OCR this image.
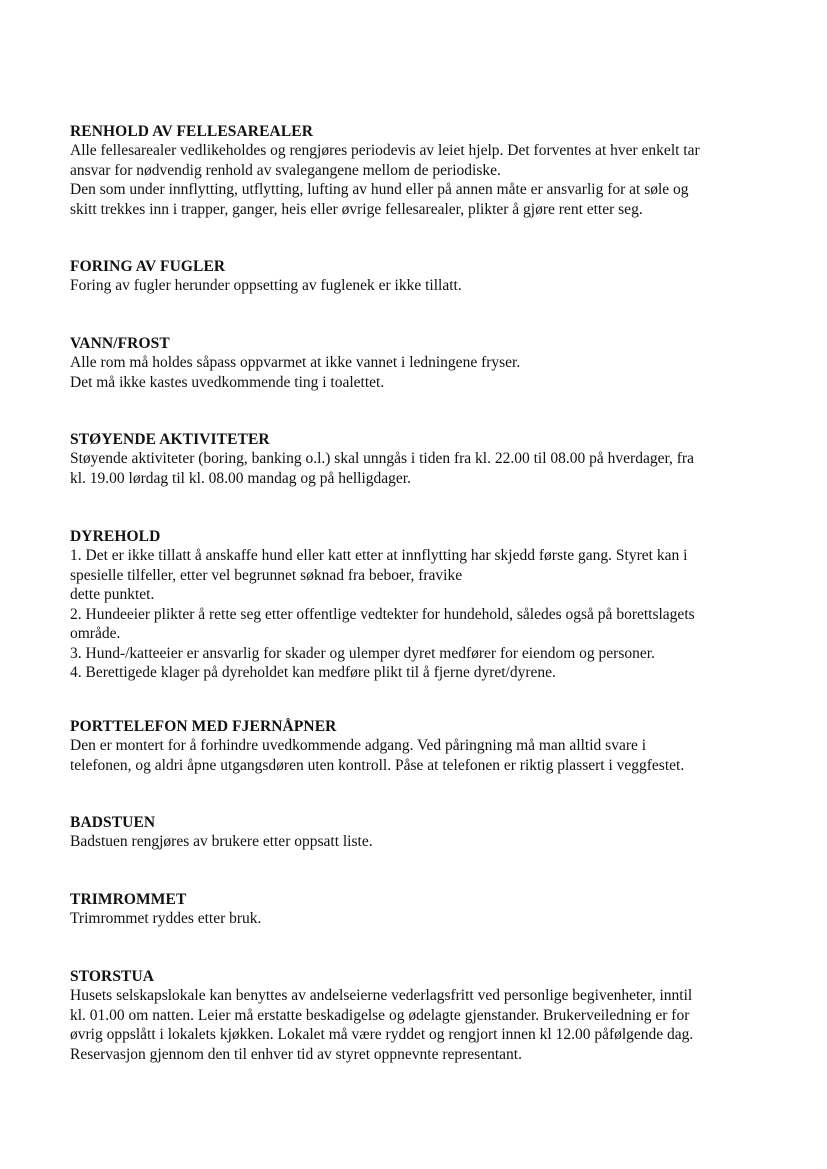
RENHOLD AV FELLESAREALER

Alle fellesarealer vedlikeholdes og rengjøres periodevis av leiet hjelp. Det forventes at hver enkelt tar

ansvar for nødvendig renhold av svalegangene mellom de periodiske.

Den som under innflytting, utflytting, lufting av hund eller på annen måte er ansvarlig for at søle og

skitt trekkes inn i trapper, ganger, heis eller øvrige fellesarealer, plikter å gjøre rent etter seg.

FORING AV FUGLER

Foring av fugler herunder oppsetting av fuglenek er ikke tillatt.

VANN/FROST

Alle rom må holdes såpass oppvarmet at ikke vannet i ledningene fryser.

Det må ikke kastes uvedkommende ting i toalettet.

STØYENDE AKTIVITETER

Støyende aktiviteter (boring, banking o.l.) skal unngås i tiden fra kl. 22.00 til 08.00 på hverdager, fra

kl. 19.00 lørdag til kl. 08.00 mandag og på helligdager.

DYREHOLD

1. Det er ikke tillatt å anskaffe hund eller katt etter at innflytting har skjedd første gang. Styret kan i

spesielle tilfeller, etter vel begrunnet søknad fra beboer, fravike

dette punktet.

2. Hundeeier plikter å rette seg etter offentlige vedtekter for hundehold, således også på borettslagets

område.

3. Hund-/katteeier er ansvarlig for skader og ulemper dyret medfører for eiendom og personer.

4. Berettigede klager på dyreholdet kan medføre plikt til å fjerne dyret/dyrene.

PORTTELEFON MED FJERNÅPNER

Den er montert for å forhindre uvedkommende adgang. Ved påringning må man alltid svare i

telefonen, og aldri åpne utgangsdøren uten kontroll. Påse at telefonen er riktig plassert i veggfestet.

BADSTUEN

Badstuen rengjøres av brukere etter oppsatt liste.

TRIMROMMET

Trimrommet ryddes etter bruk.

STORSTUA

Husets selskapslokale kan benyttes av andelseierne vederlagsfritt ved personlige begivenheter, inntil

kl. 01.00 om natten. Leier må erstatte beskadigelse og ødelagte gjenstander. Brukerveiledning er for

øvrig oppslått i lokalets kjøkken. Lokalet må være ryddet og rengjort innen kl 12.00 påfølgende dag.

Reservasjon gjennom den til enhver tid av styret oppnevnte representant.
